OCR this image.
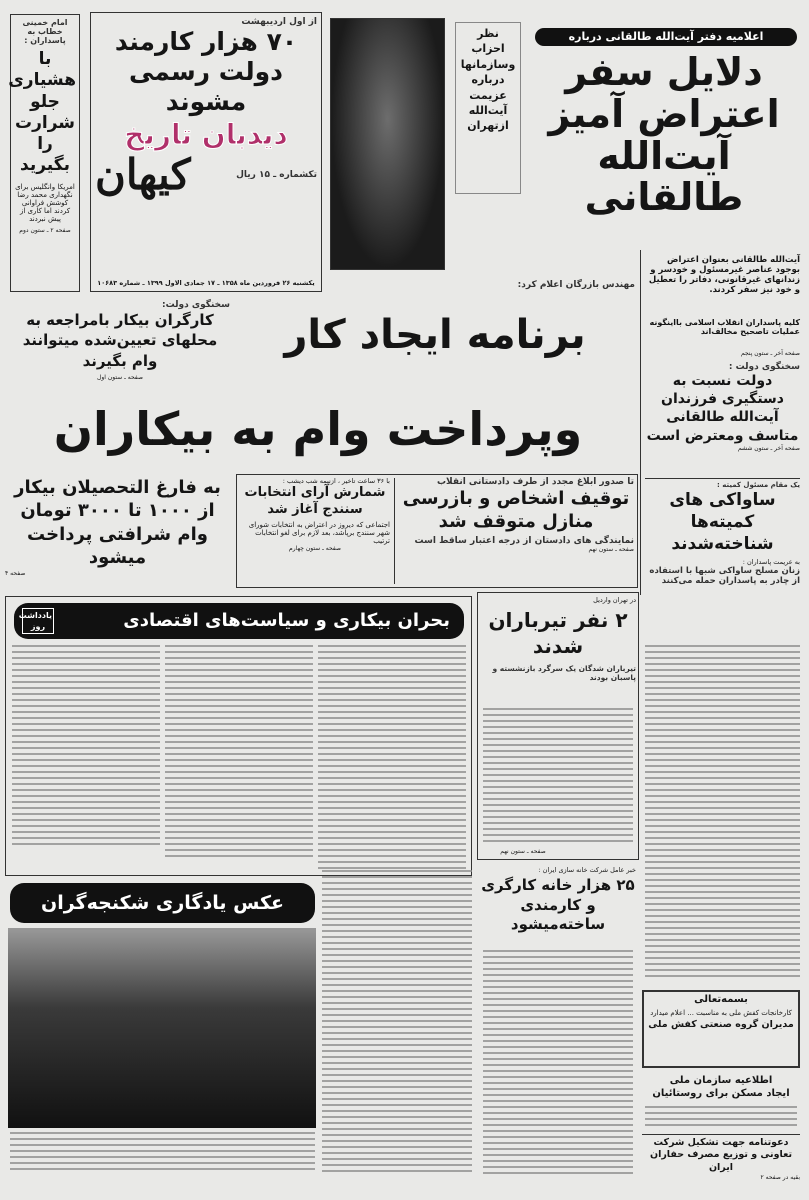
امام خمینی خطاب به پاسداران :
با هشیاری جلو شرارت را بگیرید
امریکا وانگلیس برای نگهداری محمد رضا کوشش فراوانی کردند اما کاری از پیش نبردند
صفحه ۲ ـ ستون دوم
از اول اردیبهشت
۷۰ هزار کارمند دولت رسمی مشوند
دیدبان تاریخ
تکشماره ـ ۱۵ ریال
کیهان
یکشنبه ۲۶ فروردین ماه ۱۳۵۸ ـ ۱۷ جمادی الاول ۱۳۹۹ ـ شماره ۱۰۶۸۳
نظر احزاب وسازمانها درباره عزیمت آیت‌الله ازتهران
اعلامیه دفتر آیت‌الله طالقانی درباره
دلایل سفر اعتراض آمیز آیت‌الله طالقانی
آیت‌الله طالقانی بعنوان اعتراض بوجود عناصر غیرمسئول و خودسر و زندانهای غیرقانونی، دفاتر را تعطیل و خود نیز سفر کردند.
کلیه پاسداران انقلاب اسلامی بااینگونه عملیات تاصحیح مخالف‌اند
صفحه آخر ـ ستون پنجم
مهندس بازرگان اعلام کرد:
برنامه ایجاد کار
وپرداخت وام به بیکاران
سخنگوی دولت:
کارگران بیکار بامراجعه به محلهای تعیین‌شده میتوانند وام بگیرند
صفحه ـ ستون اول
به فارغ التحصیلان بیکار از ۱۰۰۰ تا ۳۰۰۰ تومان وام شرافتی پرداخت میشود
صفحه ۴
با ۳۶ ساعت تاخیر ، ازنیمه شب دیشب :
شمارش آرای انتخابات سنندج آغاز شد
اجتماعی که دیروز در اعتراض به انتخابات شورای شهر سنندج برپاشد، بعد لازم برای لغو انتخابات ترتیب
صفحه ـ ستون چهارم
تا صدور ابلاغ مجدد از طرف دادستانی انقلاب
توقیف اشخاص و بازرسی منازل متوقف شد
نمایندگی های دادستان از درجه اعتبار ساقط است
صفحه ـ ستون نهم
سخنگوی دولت :
دولت نسبت به دستگیری فرزندان آیت‌الله طالقانی متاسف ومعترض است
صفحه آخر ـ ستون ششم
یک مقام مسئول کمیته :
ساواکی های کمیته‌ها شناخته‌شدند
به عریمت پاسداران :
زنان مسلح ساواکی شبها با استفاده از چادر به پاسداران حمله می‌کنند
بحران بیکاری و سیاست‌های اقتصادی
یادداشت روز
در تهران وارديل
۲ نفر تیرباران شدند
تیرباران شدگان یک سرگرد بازنشسته و پاسبان بودند
صفحه ـ ستون نهم
عکس یادگاری شکنجه‌گران
خبر عامل شرکت خانه سازی ایران :
۲۵ هزار خانه کارگری و کارمندی ساخته‌میشود
بسمه‌تعالی
کارخانجات کفش ملی به مناسبت ... اعلام میدارد
مدیران گروه صنعتی کفش ملی
اطلاعیه سازمان ملی
ایجاد مسکن برای روستائیان
دعوتنامه جهت تشکیل شرکت تعاونی و توزیع مصرف حفاران ایران
بقیه در صفحه ۲
